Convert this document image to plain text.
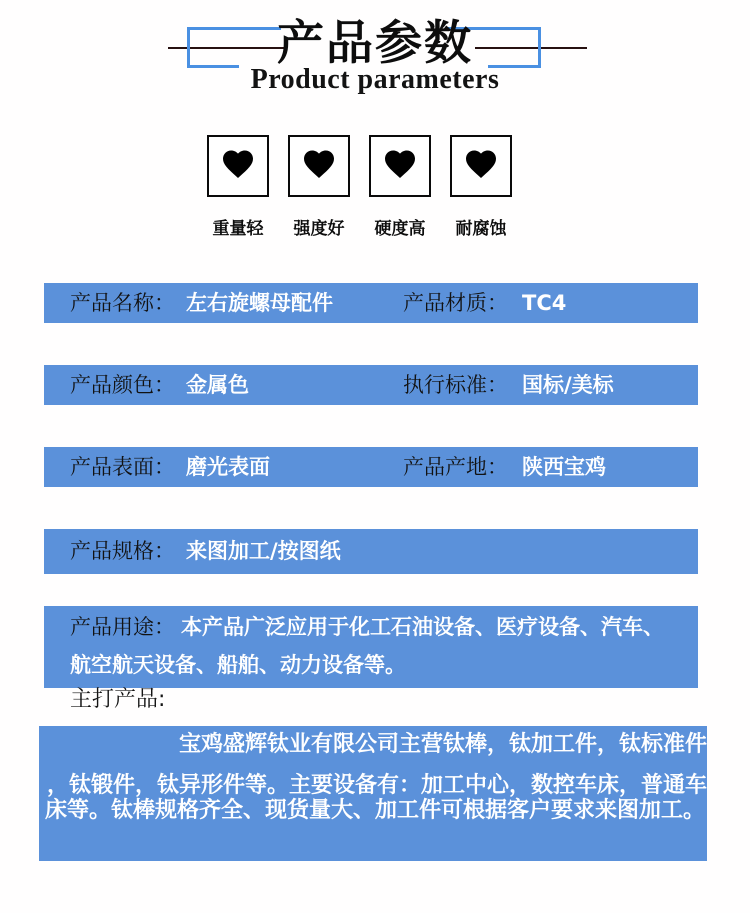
产品参数
Product parameters
重量轻	强度好	硬度高	耐腐蚀
产品名称： 左右旋螺母配件	产品材质： TC4
产品颜色： 金属色	执行标准： 国标/美标
产品表面： 磨光表面	产品产地： 陕西宝鸡
产品规格： 来图加工/按图纸
产品用途： 本产品广泛应用于化工石油设备、医疗设备、汽车、航空航天设备、船舶、动力设备等。
主打产品:
宝鸡盛辉钛业有限公司主营钛棒，钛加工件，钛标准件
，钛锻件，钛异形件等。主要设备有：加工中心，数控车床，普通车
床等。钛棒规格齐全、现货量大、加工件可根据客户要求来图加工。
